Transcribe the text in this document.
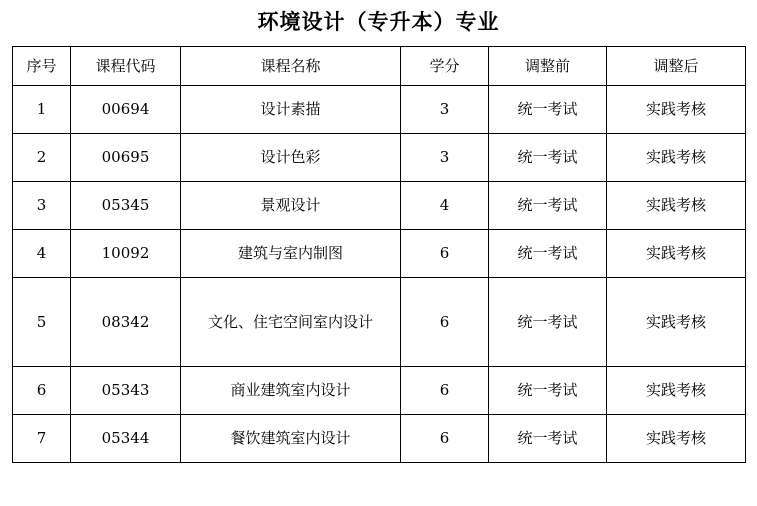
环境设计（专升本）专业
序号	课程代码	课程名称	学分	调整前	调整后
1	00694	设计素描	3	统一考试	实践考核
2	00695	设计色彩	3	统一考试	实践考核
3	05345	景观设计	4	统一考试	实践考核
4	10092	建筑与室内制图	6	统一考试	实践考核
5	08342	文化、住宅空间室内设计	6	统一考试	实践考核
6	05343	商业建筑室内设计	6	统一考试	实践考核
7	05344	餐饮建筑室内设计	6	统一考试	实践考核
